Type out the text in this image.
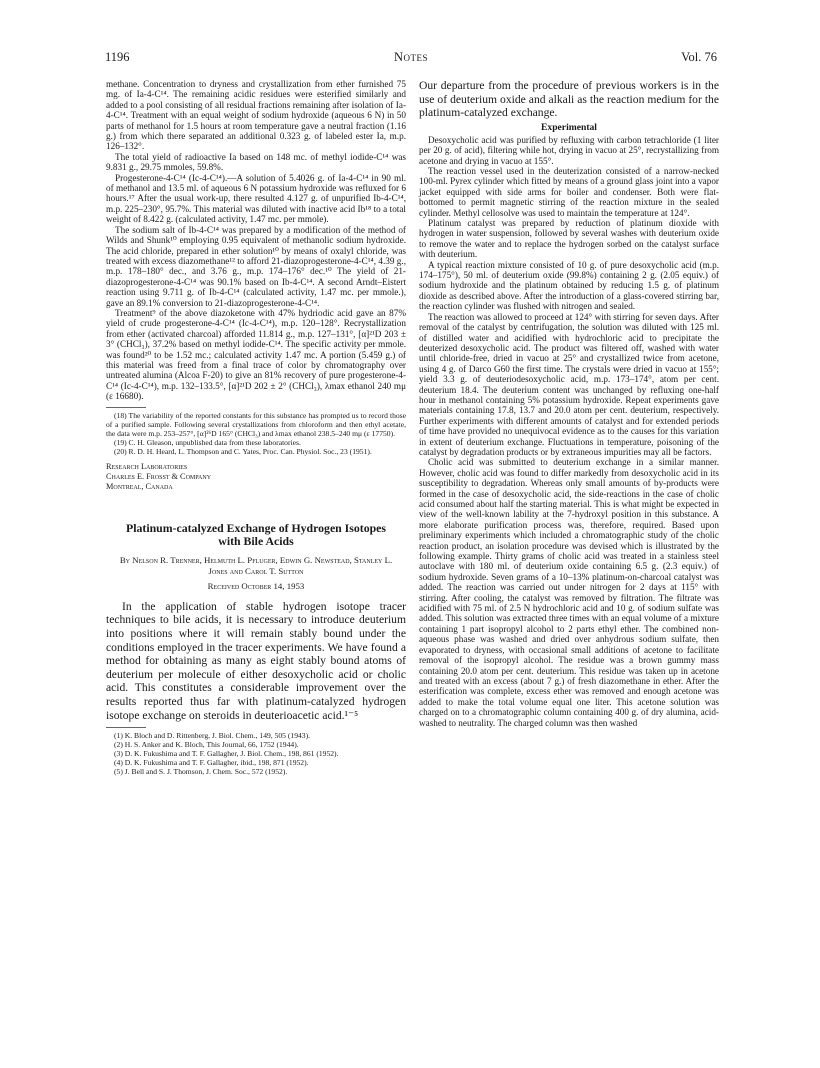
1196	Notes	Vol. 76

methane. Concentration to dryness and crystallization from ether furnished 75 mg. of Ia-4-C¹⁴. The remaining acidic residues were esterified similarly and added to a pool consisting of all residual fractions remaining after isolation of Ia-4-C¹⁴. Treatment with an equal weight of sodium hydroxide (aqueous 6 N) in 50 parts of methanol for 1.5 hours at room temperature gave a neutral fraction (1.16 g.) from which there separated an additional 0.323 g. of labeled ester Ia, m.p. 126–132°.

The total yield of radioactive Ia based on 148 mc. of methyl iodide-C¹⁴ was 9.831 g., 29.75 mmoles, 59.8%.

Progesterone-4-C¹⁴ (Ic-4-C¹⁴).—A solution of 5.4026 g. of Ia-4-C¹⁴ in 90 ml. of methanol and 13.5 ml. of aqueous 6 N potassium hydroxide was refluxed for 6 hours.¹⁷ After the usual work-up, there resulted 4.127 g. of unpurified Ib-4-C¹⁴, m.p. 225–230°, 95.7%. This material was diluted with inactive acid Ib¹⁸ to a total weight of 8.422 g. (calculated activity, 1.47 mc. per mmole).

The sodium salt of Ib-4-C¹⁴ was prepared by a modification of the method of Wilds and Shunk¹⁰ employing 0.95 equivalent of methanolic sodium hydroxide. The acid chloride, prepared in ether solution¹⁰ by means of oxalyl chloride, was treated with excess diazomethane¹² to afford 21-diazoprogesterone-4-C¹⁴, 4.39 g., m.p. 178–180° dec., and 3.76 g., m.p. 174–176° dec.¹⁰ The yield of 21-diazoprogesterone-4-C¹⁴ was 90.1% based on Ib-4-C¹⁴. A second Arndt–Eistert reaction using 9.711 g. of Ib-4-C¹⁴ (calculated activity, 1.47 mc. per mmole.), gave an 89.1% conversion to 21-diazoprogesterone-4-C¹⁴.

Treatment⁹ of the above diazoketone with 47% hydriodic acid gave an 87% yield of crude progesterone-4-C¹⁴ (Ic-4-C¹⁴), m.p. 120–128°. Recrystallization from ether (activated charcoal) afforded 11.814 g., m.p. 127–131°, [α]²¹D 203 ± 3° (CHCl₃), 37.2% based on methyl iodide-C¹⁴. The specific activity per mmole. was found²⁰ to be 1.52 mc.; calculated activity 1.47 mc. A portion (5.459 g.) of this material was freed from a final trace of color by chromatography over untreated alumina (Alcoa F-20) to give an 81% recovery of pure progesterone-4-C¹⁴ (Ic-4-C¹⁴), m.p. 132–133.5°, [α]²¹D 202 ± 2° (CHCl₃), λmax ethanol 240 mμ (ε 16680).

(18) The variability of the reported constants for this substance has prompted us to record those of a purified sample. Following several crystallizations from chloroform and then ethyl acetate, the data were m.p. 253–257°, [α]²⁶D 165° (CHCl₃) and λmax ethanol 238.5–240 mμ (ε 17750).

(19) C. H. Gleason, unpublished data from these laboratories.

(20) R. D. H. Heard, L. Thompson and C. Yates, Proc. Can. Physiol. Soc., 23 (1951).

Research Laboratories
Charles E. Frosst & Company
Montreal, Canada
Platinum-catalyzed Exchange of Hydrogen Isotopes with Bile Acids
By Nelson R. Trenner, Helmuth L. Pfluger, Edwin G. Newstead, Stanley L. Jones and Carol T. Sutton
Received October 14, 1953

In the application of stable hydrogen isotope tracer techniques to bile acids, it is necessary to introduce deuterium into positions where it will remain stably bound under the conditions employed in the tracer experiments. We have found a method for obtaining as many as eight stably bound atoms of deuterium per molecule of either desoxycholic acid or cholic acid. This constitutes a considerable improvement over the results reported thus far with platinum-catalyzed hydrogen isotope exchange on steroids in deuterioacetic acid.¹⁻⁵

(1) K. Bloch and D. Rittenberg, J. Biol. Chem., 149, 505 (1943).

(2) H. S. Anker and K. Bloch, This Journal, 66, 1752 (1944).

(3) D. K. Fukushima and T. F. Gallagher, J. Biol. Chem., 198, 861 (1952).

(4) D. K. Fukushima and T. F. Gallagher, ibid., 198, 871 (1952).

(5) J. Bell and S. J. Thomson, J. Chem. Soc., 572 (1952).

Our departure from the procedure of previous workers is in the use of deuterium oxide and alkali as the reaction medium for the platinum-catalyzed exchange.

Experimental

Desoxycholic acid was purified by refluxing with carbon tetrachloride (1 liter per 20 g. of acid), filtering while hot, drying in vacuo at 25°, recrystallizing from acetone and drying in vacuo at 155°.

The reaction vessel used in the deuterization consisted of a narrow-necked 100-ml. Pyrex cylinder which fitted by means of a ground glass joint into a vapor jacket equipped with side arms for boiler and condenser. Both were flat-bottomed to permit magnetic stirring of the reaction mixture in the sealed cylinder. Methyl cellosolve was used to maintain the temperature at 124°.

Platinum catalyst was prepared by reduction of platinum dioxide with hydrogen in water suspension, followed by several washes with deuterium oxide to remove the water and to replace the hydrogen sorbed on the catalyst surface with deuterium.

A typical reaction mixture consisted of 10 g. of pure desoxycholic acid (m.p. 174–175°), 50 ml. of deuterium oxide (99.8%) containing 2 g. (2.05 equiv.) of sodium hydroxide and the platinum obtained by reducing 1.5 g. of platinum dioxide as described above. After the introduction of a glass-covered stirring bar, the reaction cylinder was flushed with nitrogen and sealed.

The reaction was allowed to proceed at 124° with stirring for seven days. After removal of the catalyst by centrifugation, the solution was diluted with 125 ml. of distilled water and acidified with hydrochloric acid to precipitate the deuterized desoxycholic acid. The product was filtered off, washed with water until chloride-free, dried in vacuo at 25° and crystallized twice from acetone, using 4 g. of Darco G60 the first time. The crystals were dried in vacuo at 155°; yield 3.3 g. of deuteriodesoxycholic acid, m.p. 173–174°, atom per cent. deuterium 18.4. The deuterium content was unchanged by refluxing one-half hour in methanol containing 5% potassium hydroxide. Repeat experiments gave materials containing 17.8, 13.7 and 20.0 atom per cent. deuterium, respectively. Further experiments with different amounts of catalyst and for extended periods of time have provided no unequivocal evidence as to the causes for this variation in extent of deuterium exchange. Fluctuations in temperature, poisoning of the catalyst by degradation products or by extraneous impurities may all be factors.

Cholic acid was submitted to deuterium exchange in a similar manner. However, cholic acid was found to differ markedly from desoxycholic acid in its susceptibility to degradation. Whereas only small amounts of by-products were formed in the case of desoxycholic acid, the side-reactions in the case of cholic acid consumed about half the starting material. This is what might be expected in view of the well-known lability at the 7-hydroxyl position in this substance. A more elaborate purification process was, therefore, required. Based upon preliminary experiments which included a chromatographic study of the cholic reaction product, an isolation procedure was devised which is illustrated by the following example. Thirty grams of cholic acid was treated in a stainless steel autoclave with 180 ml. of deuterium oxide containing 6.5 g. (2.3 equiv.) of sodium hydroxide. Seven grams of a 10–13% platinum-on-charcoal catalyst was added. The reaction was carried out under nitrogen for 2 days at 115° with stirring. After cooling, the catalyst was removed by filtration. The filtrate was acidified with 75 ml. of 2.5 N hydrochloric acid and 10 g. of sodium sulfate was added. This solution was extracted three times with an equal volume of a mixture containing 1 part isopropyl alcohol to 2 parts ethyl ether. The combined non-aqueous phase was washed and dried over anhydrous sodium sulfate, then evaporated to dryness, with occasional small additions of acetone to facilitate removal of the isopropyl alcohol. The residue was a brown gummy mass containing 20.0 atom per cent. deuterium. This residue was taken up in acetone and treated with an excess (about 7 g.) of fresh diazomethane in ether. After the esterification was complete, excess ether was removed and enough acetone was added to make the total volume equal one liter. This acetone solution was charged on to a chromatographic column containing 400 g. of dry alumina, acid-washed to neutrality. The charged column was then washed
